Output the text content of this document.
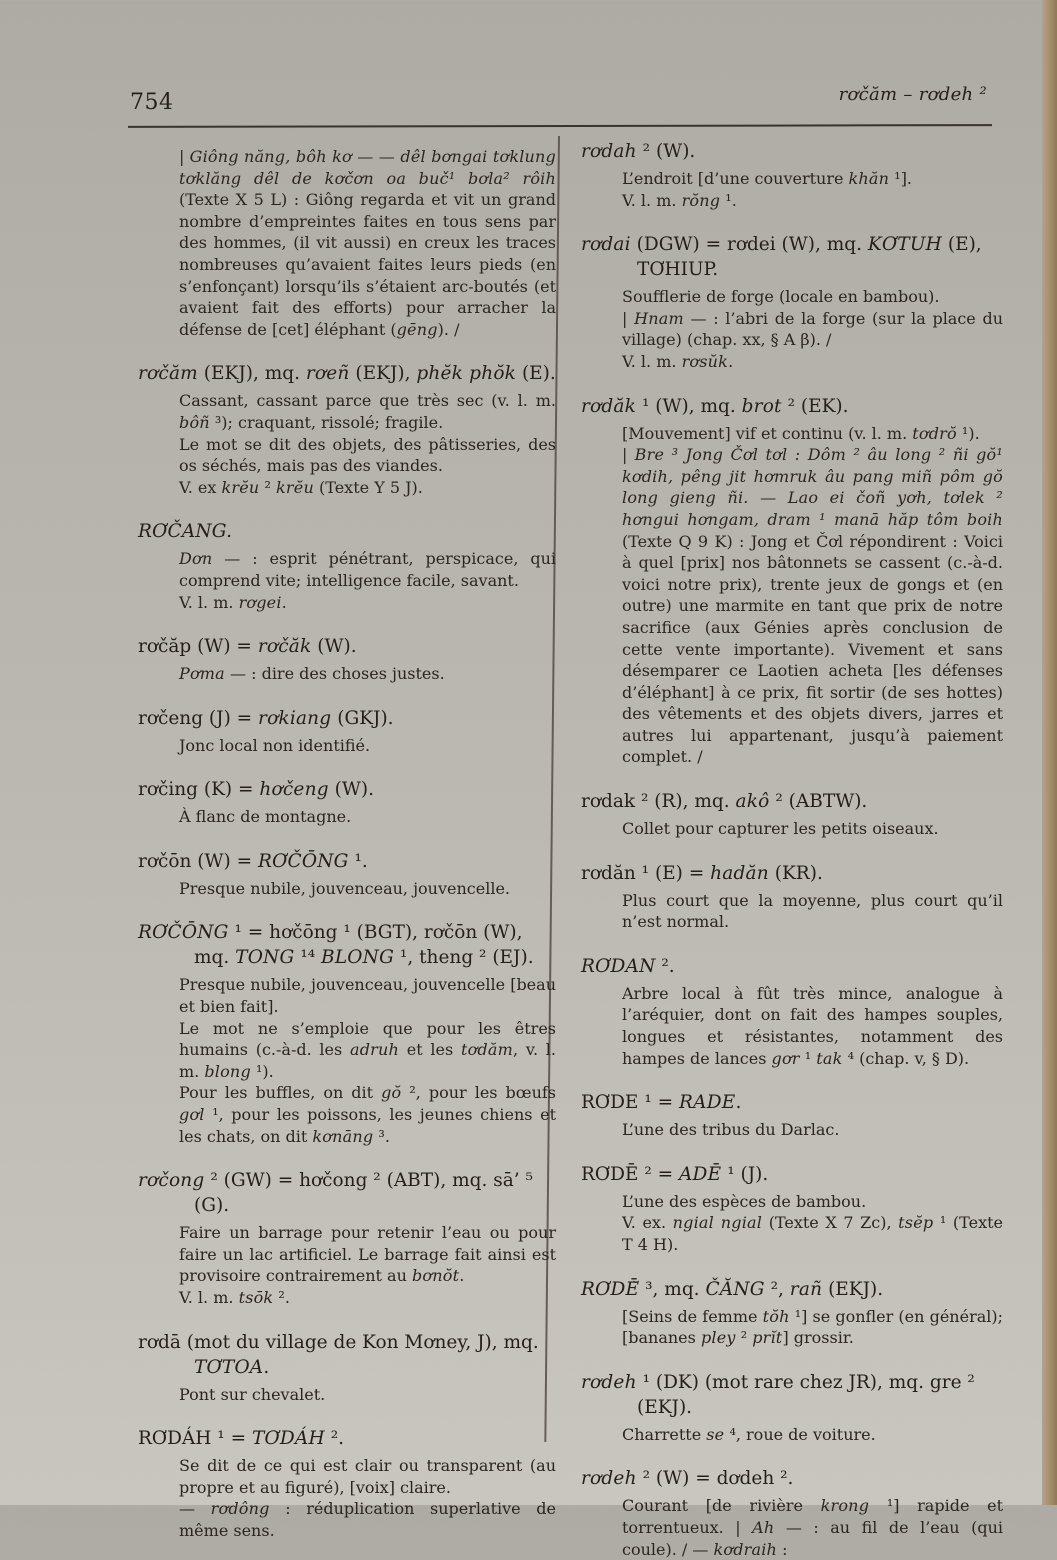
754	rơčăm – rơdeh ²

| Giông năng, bôh kơ — — dêl bơngai tơklung tơklăng dêl de kơčơn oa buč¹ bơla² rôih (Texte X 5 L) : Giông regarda et vit un grand nombre d’empreintes faites en tous sens par des hommes, (il vit aussi) en creux les traces nombreuses qu’avaient faites leurs pieds (en s’enfonçant) lorsqu’ils s’étaient arc-boutés (et avaient fait des efforts) pour arracher la défense de [cet] éléphant (gēng). /

rơčăm (EKJ), mq. rơeñ (EKJ), phĕk phŏk (E).

Cassant, cassant parce que très sec (v. l. m. bôñ ³); craquant, rissolé; fragile.

Le mot se dit des objets, des pâtisseries, des os séchés, mais pas des viandes.

V. ex krĕu ² krĕu (Texte Y 5 J).

RƠČANG.

Dơn — : esprit pénétrant, perspicace, qui comprend vite; intelligence facile, savant.

V. l. m. rơgei.

rơčăp (W) = rơčăk (W).

Pơma — : dire des choses justes.

rơčeng (J) = rơkiang (GKJ).

Jonc local non identifié.

rơčing (K) = hơčeng (W).

À flanc de montagne.

rơčōn (W) = RƠČŌNG ¹.

Presque nubile, jouvenceau, jouvencelle.

RƠČŌNG ¹ = hơčōng ¹ (BGT), rơčōn (W), mq. TONG ¹⁴ BLONG ¹, theng ² (EJ).

Presque nubile, jouvenceau, jouvencelle [beau et bien fait].

Le mot ne s’emploie que pour les êtres humains (c.-à-d. les adruh et les tơdăm, v. l. m. blong ¹).

Pour les buffles, on dit gŏ ², pour les bœufs gơl ¹, pour les poissons, les jeunes chiens et les chats, on dit kơnāng ³.

rơčong ² (GW) = hơčong ² (ABT), mq. sā’ ⁵ (G).

Faire un barrage pour retenir l’eau ou pour faire un lac artificiel. Le barrage fait ainsi est provisoire contrairement au bơnŏt.

V. l. m. tsōk ².

rơdā (mot du village de Kon Mơney, J), mq. TƠTOA.

Pont sur chevalet.

RƠDÁH ¹ = TƠDÁH ².

Se dit de ce qui est clair ou transparent (au propre et au figuré), [voix] claire.

— rơdông : réduplication superlative de même sens.

rơdah ² (W).

L’endroit [d’une couverture khăn ¹].

V. l. m. rŏng ¹.

rơdai (DGW) = rơdei (W), mq. KƠTUH (E), TƠHIUP.

Soufflerie de forge (locale en bambou).

| Hnam — : l’abri de la forge (sur la place du village) (chap. xx, § A β). /

V. l. m. rơsŭk.

rơdăk ¹ (W), mq. brot ² (EK).

[Mouvement] vif et continu (v. l. m. tơdrŏ ¹).

| Bre ³ Jong Čơl tơl : Dôm ² âu long ² ñi gŏ¹ kơdih, pêng jit hơmruk âu pang miñ pôm gŏ long gieng ñi. — Lao ei čoñ yơh, tơlek ² hơngui hơngam, dram ¹ manā hăp tôm boih (Texte Q 9 K) : Jong et Čơl répondirent : Voici à quel [prix] nos bâtonnets se cassent (c.-à-d. voici notre prix), trente jeux de gongs et (en outre) une marmite en tant que prix de notre sacrifice (aux Génies après conclusion de cette vente importante). Vivement et sans désemparer ce Laotien acheta [les défenses d’éléphant] à ce prix, fit sortir (de ses hottes) des vêtements et des objets divers, jarres et autres lui appartenant, jusqu’à paiement complet. /

rơdak ² (R), mq. akô ² (ABTW).

Collet pour capturer les petits oiseaux.

rơdăn ¹ (E) = hadăn (KR).

Plus court que la moyenne, plus court qu’il n’est normal.

RƠDAN ².

Arbre local à fût très mince, analogue à l’aréquier, dont on fait des hampes souples, longues et résistantes, notamment des hampes de lances gơr ¹ tak ⁴ (chap. v, § D).

RƠDE ¹ = RADE.

L’une des tribus du Darlac.

RƠDĒ ² = ADĒ ¹ (J).

L’une des espèces de bambou.

V. ex. ngial ngial (Texte X 7 Zc), tsĕp ¹ (Texte T 4 H).

RƠDĒ̆ ³, mq. ČĂNG ², rañ (EKJ).

[Seins de femme tŏh ¹] se gonfler (en général); [bananes pley ² prĭt] grossir.

rơdeh ¹ (DK) (mot rare chez JR), mq. gre ² (EKJ).

Charrette se ⁴, roue de voiture.

rơdeh ² (W) = dơdeh ².

Courant [de rivière krong ¹] rapide et torrentueux. | Ah — : au fil de l’eau (qui coule). / — kơdraih :
